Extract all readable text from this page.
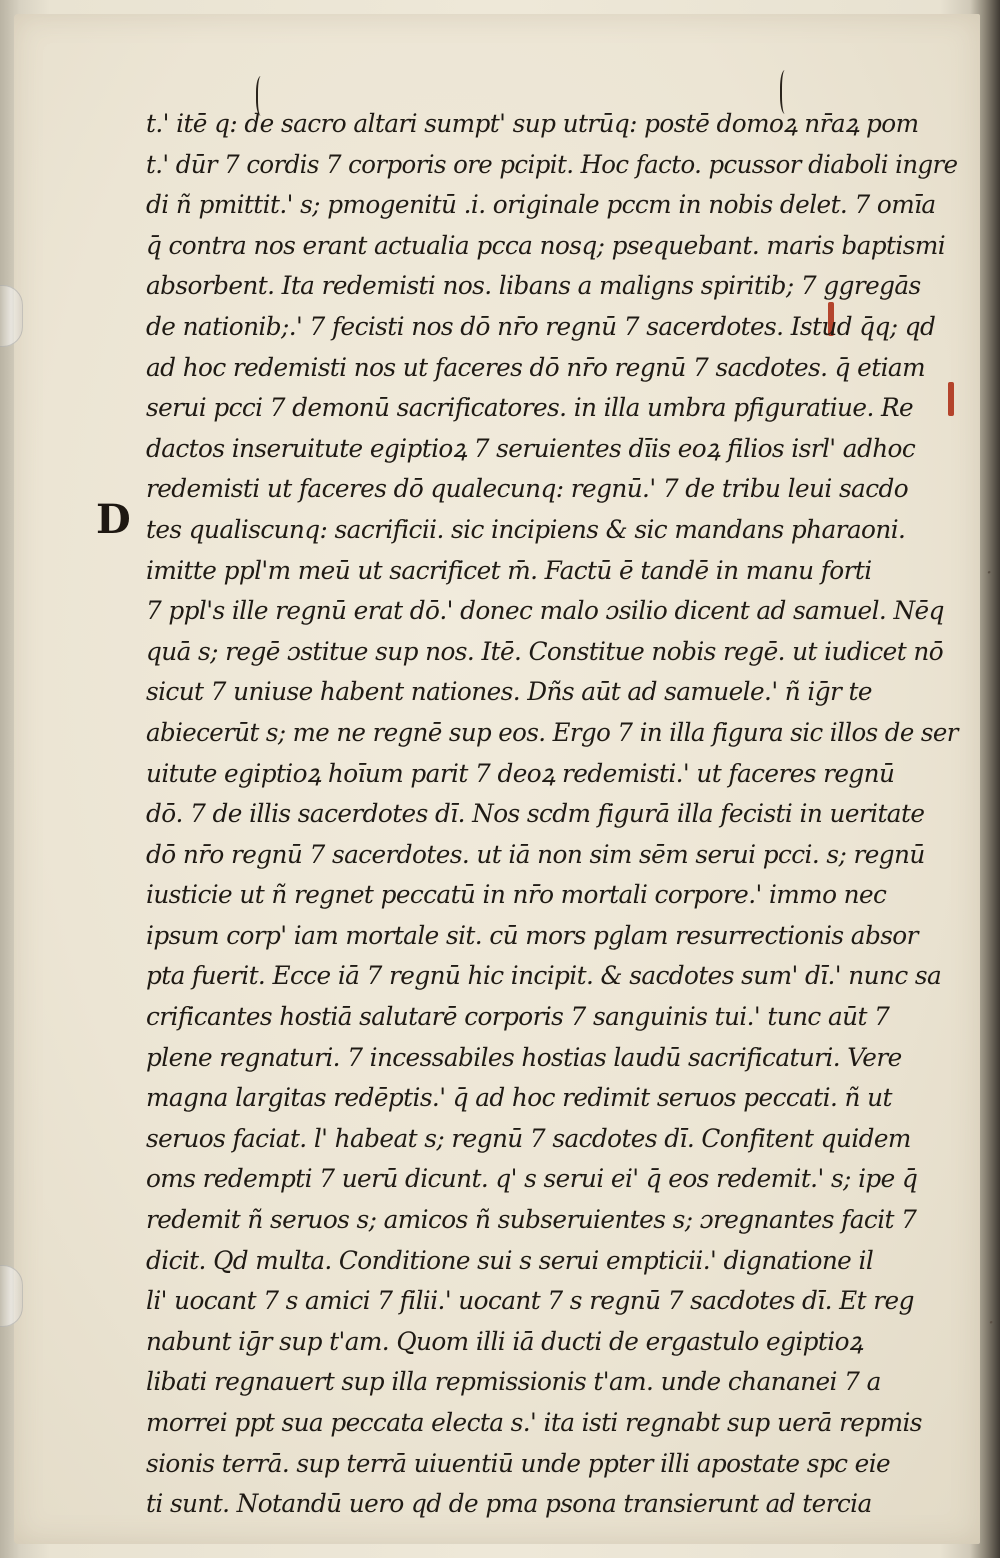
D
·
·
t.' itē q: de sacro altari sumpt' sup utrūq: postē domoꝝ nr̄aꝝ pom
t.' dūr 7 cordis 7 corporis ore pcipit. Hoc facto. pcussor diaboli ingre
di ñ pmittit.' s; pmogenitū .i. originale pccm in nobis delet. 7 omīa
q̄ contra nos erant actualia pcca nosq; psequebant. maris baptismi
absorbent. Ita redemisti nos. libans a maligns spiritib; 7 ggregās
de nationib;.' 7 fecisti nos dō nr̄o regnū 7 sacerdotes. Istud q̄q; qd
ad hoc redemisti nos ut faceres dō nr̄o regnū 7 sacdotes. q̄ etiam
serui pcci 7 demonū sacrificatores. in illa umbra pfiguratiue. Re
dactos inseruitute egiptioꝝ 7 seruientes dīis eoꝝ filios isrl' adhoc
redemisti ut faceres dō qualecunq: regnū.' 7 de tribu leui sacdo
tes qualiscunq: sacrificii. sic incipiens & sic mandans pharaoni.
imitte ppl'm meū ut sacrificet m̄. Factū ē tandē in manu forti
7 ppl's ille regnū erat dō.' donec malo ɔsilio dicent ad samuel. Nēq
quā s; regē ɔstitue sup nos. Itē. Constitue nobis regē. ut iudicet nō
sicut 7 uniuse habent nationes. Dñs aūt ad samuele.' ñ iḡr te
abiecerūt s; me ne regnē sup eos. Ergo 7 in illa figura sic illos de ser
uitute egiptioꝝ hoīum parit 7 deoꝝ redemisti.' ut faceres regnū
dō. 7 de illis sacerdotes dī. Nos scdm figurā illa fecisti in ueritate
dō nr̄o regnū 7 sacerdotes. ut iā non sim sēm serui pcci. s; regnū
iusticie ut ñ regnet peccatū in nr̄o mortali corpore.' immo nec
ipsum corp' iam mortale sit. cū mors pglam resurrectionis absor
pta fuerit. Ecce iā 7 regnū hic incipit. & sacdotes sum' dī.' nunc sa
crificantes hostiā salutarē corporis 7 sanguinis tui.' tunc aūt 7
plene regnaturi. 7 incessabiles hostias laudū sacrificaturi. Vere
magna largitas redēptis.' q̄ ad hoc redimit seruos peccati. ñ ut
seruos faciat. l' habeat s; regnū 7 sacdotes dī. Confitent quidem
oms redempti 7 uerū dicunt. q' s serui ei' q̄ eos redemit.' s; ipe q̄
redemit ñ seruos s; amicos ñ subseruientes s; ɔregnantes facit 7
dicit. Qd multa. Conditione sui s serui empticii.' dignatione il
li' uocant 7 s amici 7 filii.' uocant 7 s regnū 7 sacdotes dī. Et reg
nabunt iḡr sup t'am. Quom illi iā ducti de ergastulo egiptioꝝ
libati regnauert sup illa repmissionis t'am. unde chananei 7 a
morrei ppt sua peccata electa s.' ita isti regnabt sup uerā repmis
sionis terrā. sup terrā uiuentiū unde ppter illi apostate spc eie
ti sunt. Notandū uero qd de pma psona transierunt ad tercia
